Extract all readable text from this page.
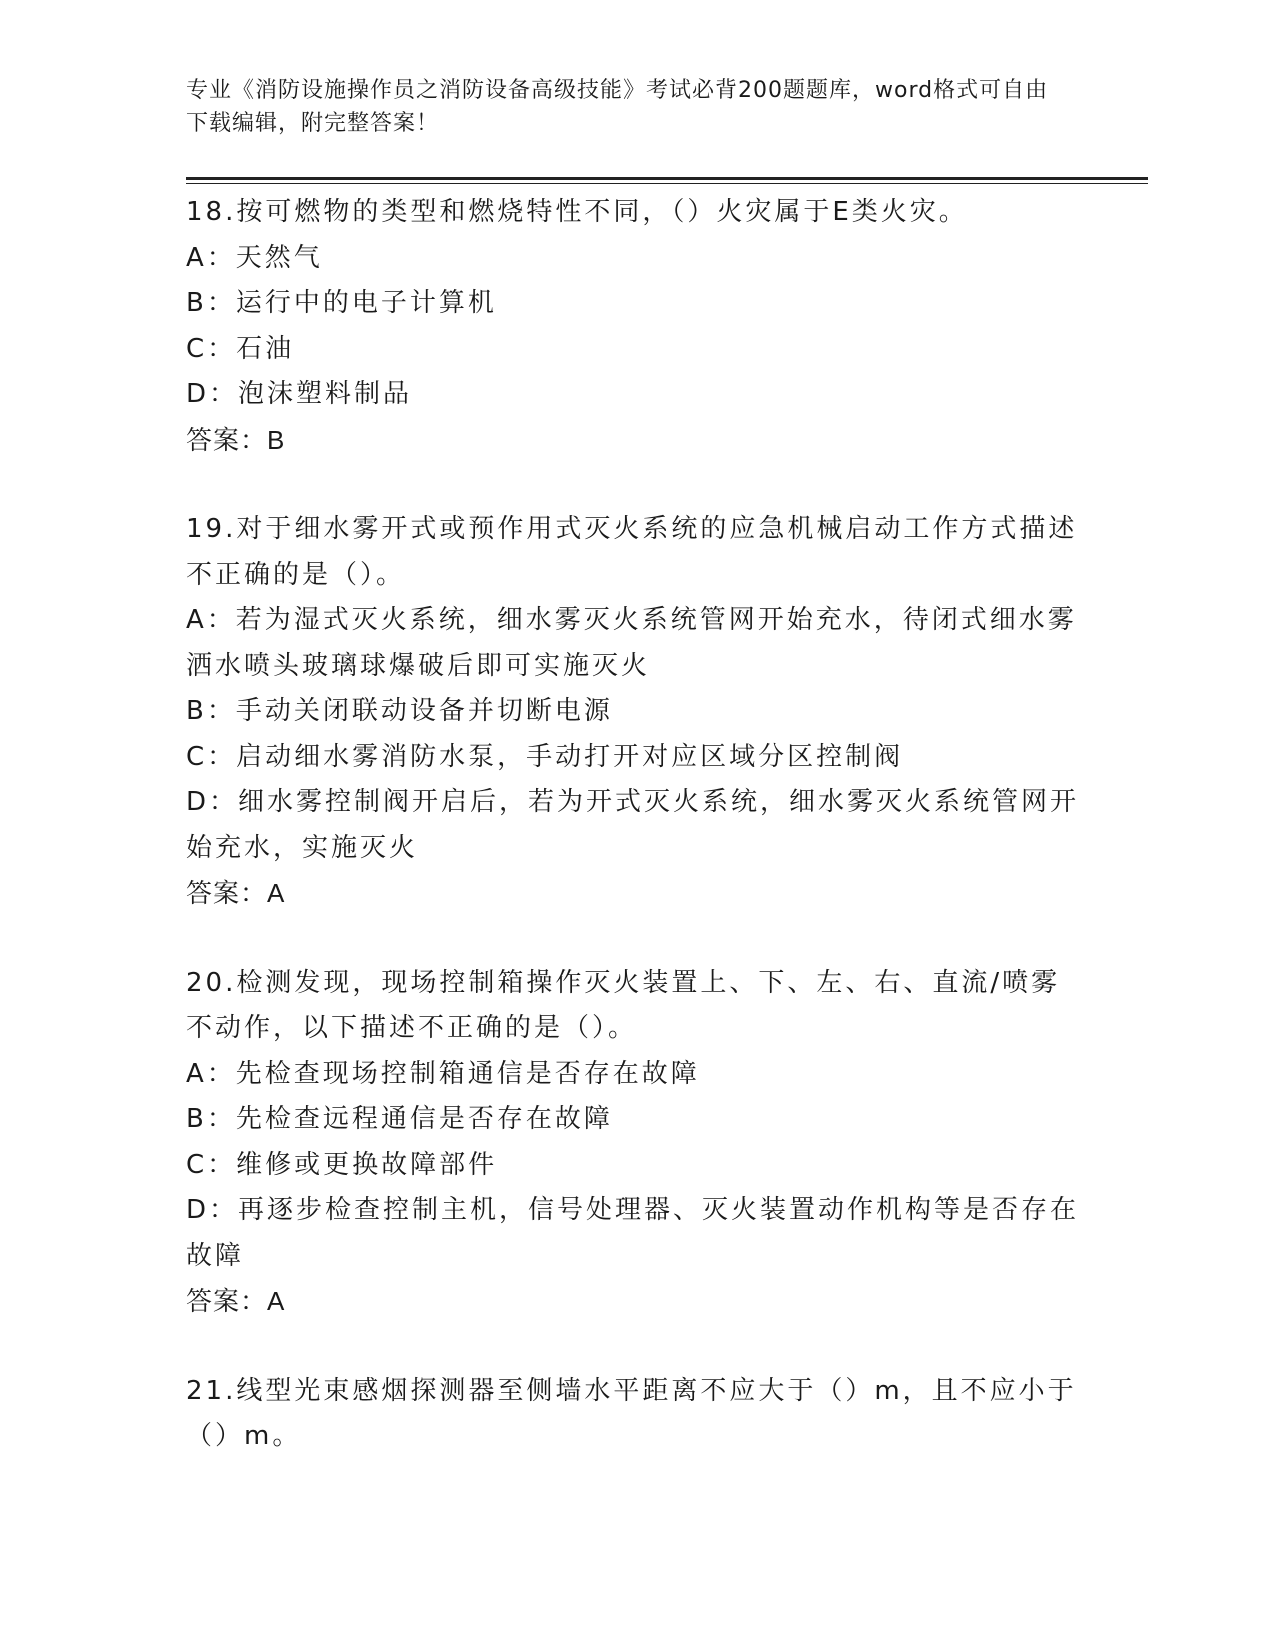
专业《消防设施操作员之消防设备高级技能》考试必背200题题库，word格式可自由下载编辑，附完整答案！

18.按可燃物的类型和燃烧特性不同，（）火灾属于E类火灾。

A：天然气

B：运行中的电子计算机

C：石油

D：泡沫塑料制品

答案：B

19.对于细水雾开式或预作用式灭火系统的应急机械启动工作方式描述不正确的是（）。

A：若为湿式灭火系统，细水雾灭火系统管网开始充水，待闭式细水雾洒水喷头玻璃球爆破后即可实施灭火

B：手动关闭联动设备并切断电源

C：启动细水雾消防水泵，手动打开对应区域分区控制阀

D：细水雾控制阀开启后，若为开式灭火系统，细水雾灭火系统管网开始充水，实施灭火

答案：A

20.检测发现，现场控制箱操作灭火装置上、下、左、右、直流/喷雾不动作，以下描述不正确的是（）。

A：先检查现场控制箱通信是否存在故障

B：先检查远程通信是否存在故障

C：维修或更换故障部件

D：再逐步检查控制主机，信号处理器、灭火装置动作机构等是否存在故障

答案：A

21.线型光束感烟探测器至侧墙水平距离不应大于（）m，且不应小于（）m。
